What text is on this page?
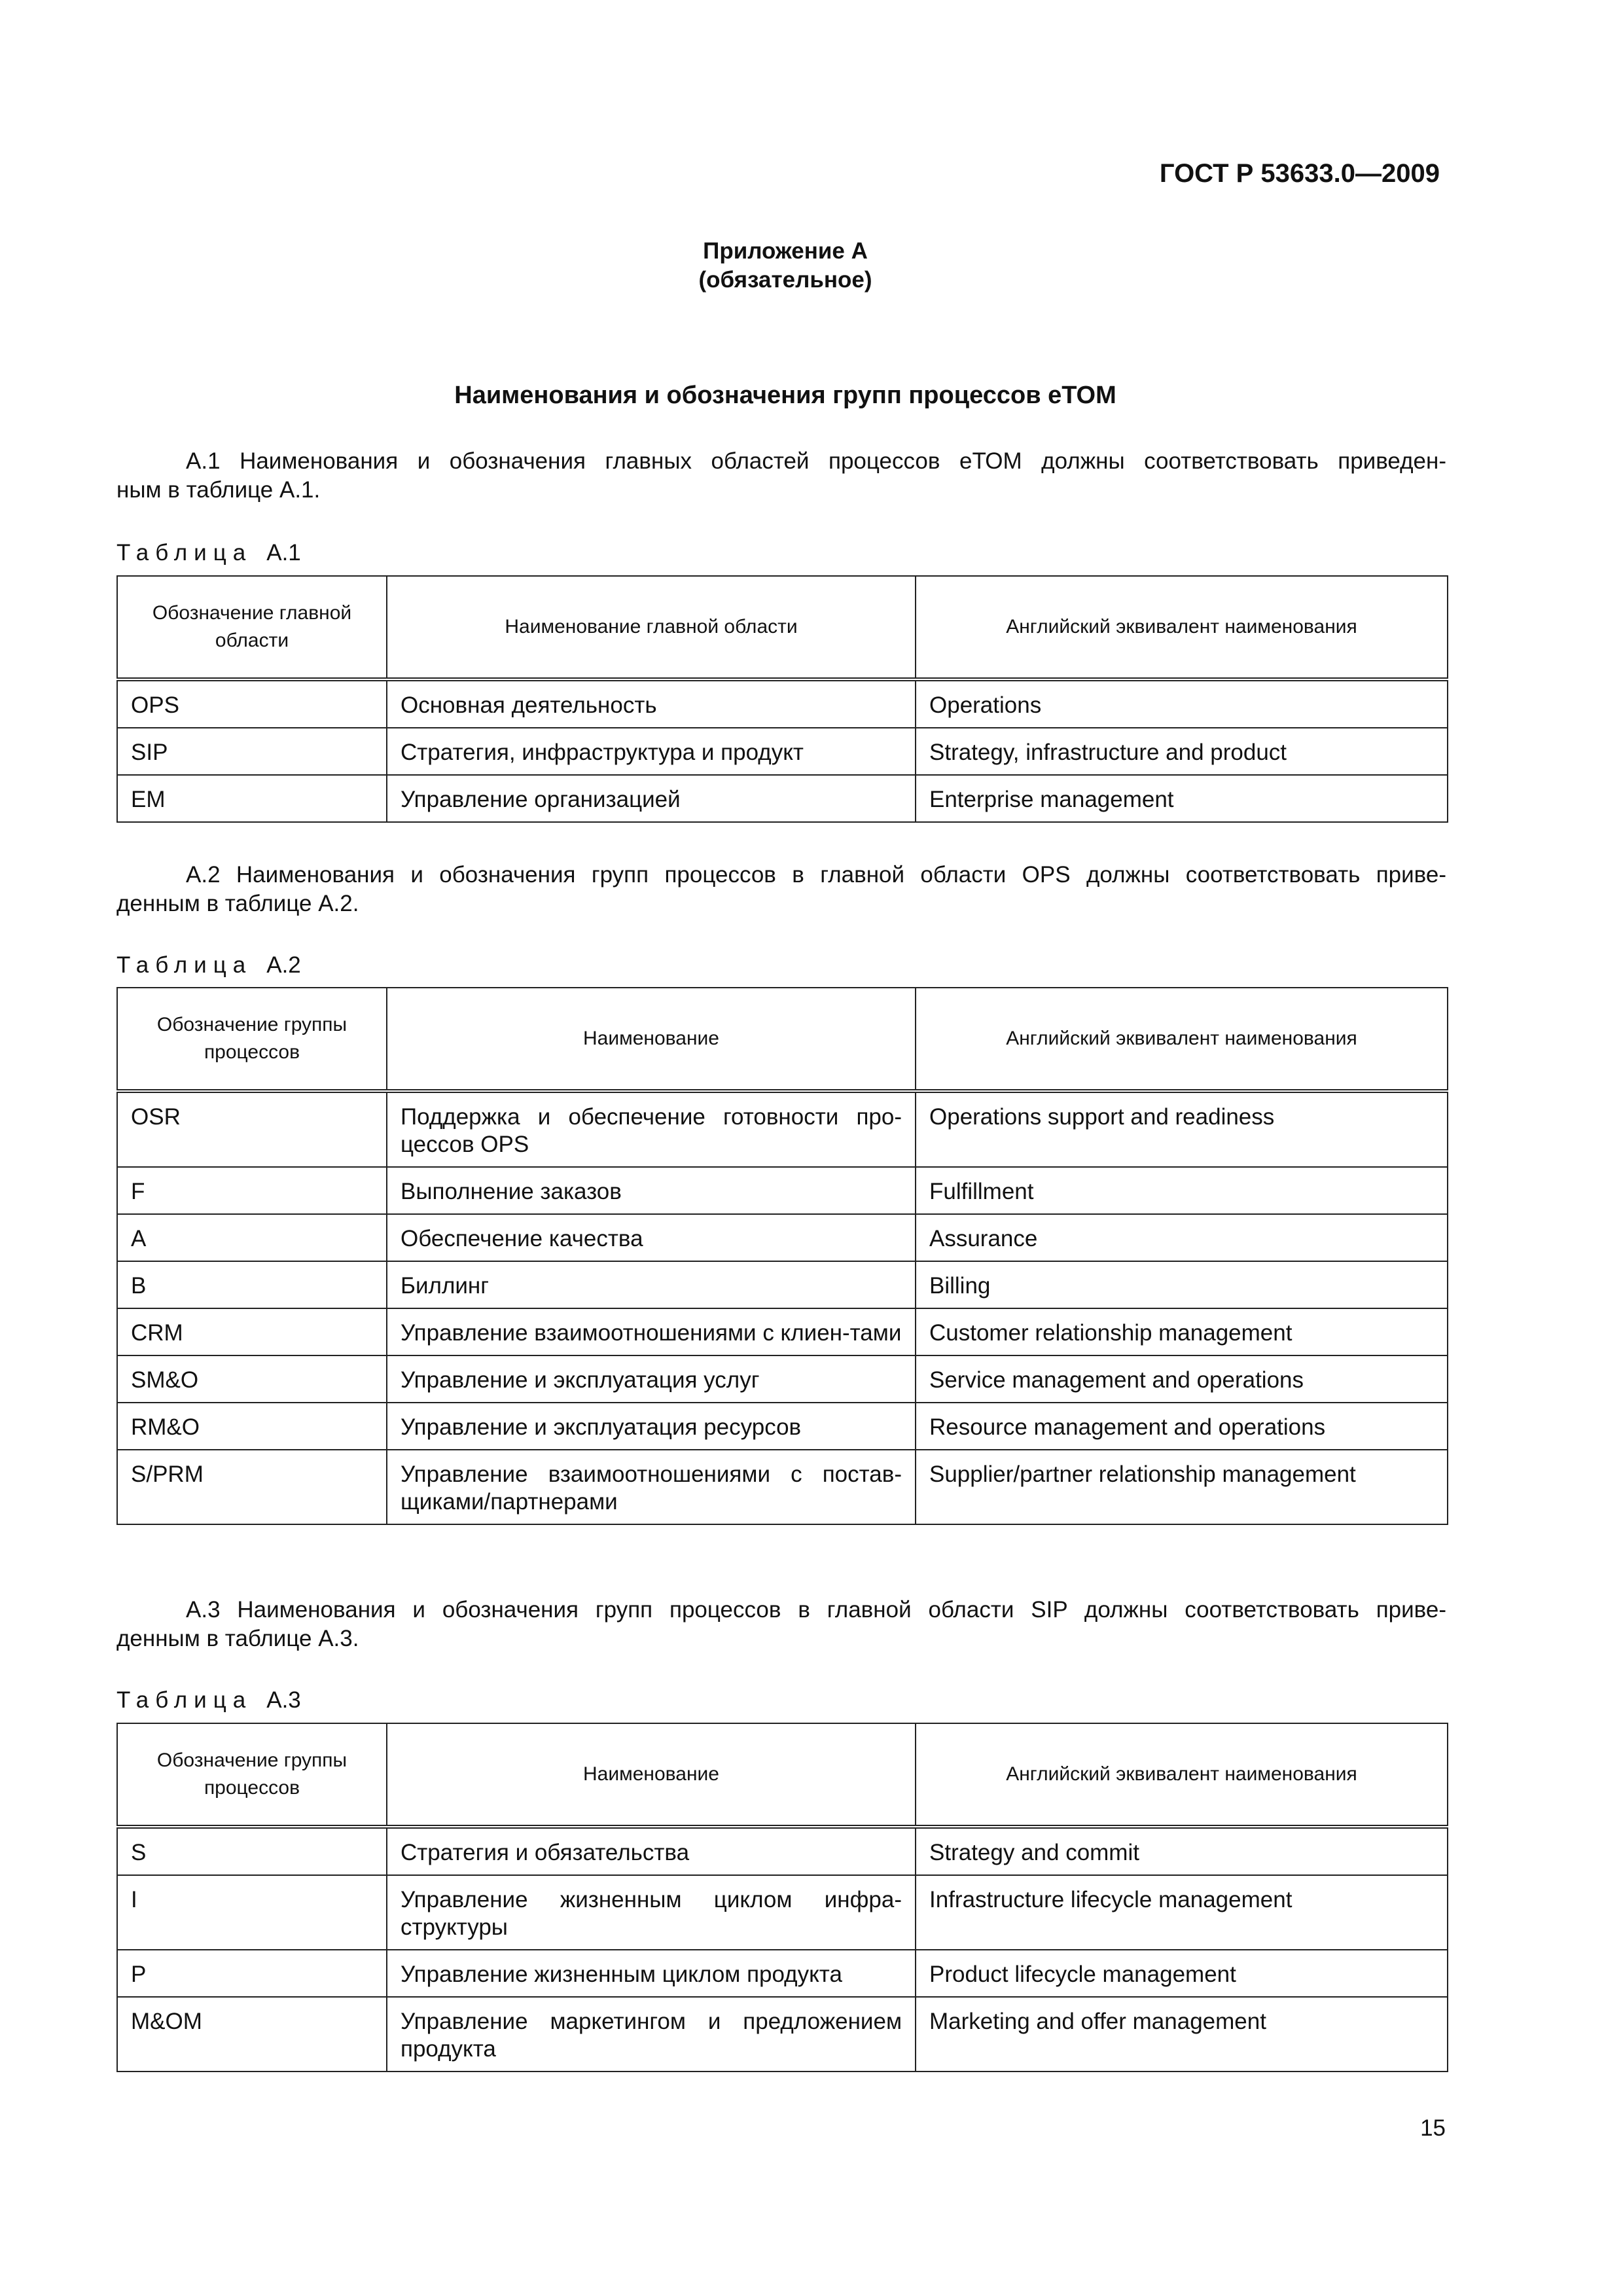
ГОСТ Р 53633.0—2009
Приложение А
(обязательное)
Наименования и обозначения групп процессов еТОМ
А.1 Наименования и обозначения главных областей процессов еТОМ должны соответствовать приведен-
ным в таблице А.1.
Таблица А.1
Обозначение главной области	Наименование главной области	Английский эквивалент наименования
OPS	Основная деятельность	Operations
SIP	Стратегия, инфраструктура и продукт	Strategy, infrastructure and product
EM	Управление организацией	Enterprise management
А.2 Наименования и обозначения групп процессов в главной области OPS должны соответствовать приве-
денным в таблице А.2.
Таблица А.2
Обозначение группы процессов	Наименование	Английский эквивалент наименования
OSR	Поддержка и обеспечение готовности про-цессов OPS	Operations support and readiness
F	Выполнение заказов	Fulfillment
A	Обеспечение качества	Assurance
B	Биллинг	Billing
CRM	Управление взаимоотношениями с клиен-тами	Customer relationship management
SM&O	Управление и эксплуатация услуг	Service management and operations
RM&O	Управление и эксплуатация ресурсов	Resource management and operations
S/PRM	Управление взаимоотношениями с постав-щиками/партнерами	Supplier/partner relationship management
А.3 Наименования и обозначения групп процессов в главной области SIP должны соответствовать приве-
денным в таблице А.3.
Таблица А.3
Обозначение группы процессов	Наименование	Английский эквивалент наименования
S	Стратегия и обязательства	Strategy and commit
I	Управление жизненным циклом инфра-структуры	Infrastructure lifecycle management
P	Управление жизненным циклом продукта	Product lifecycle management
M&OM	Управление маркетингом и предложением продукта	Marketing and offer management
15
